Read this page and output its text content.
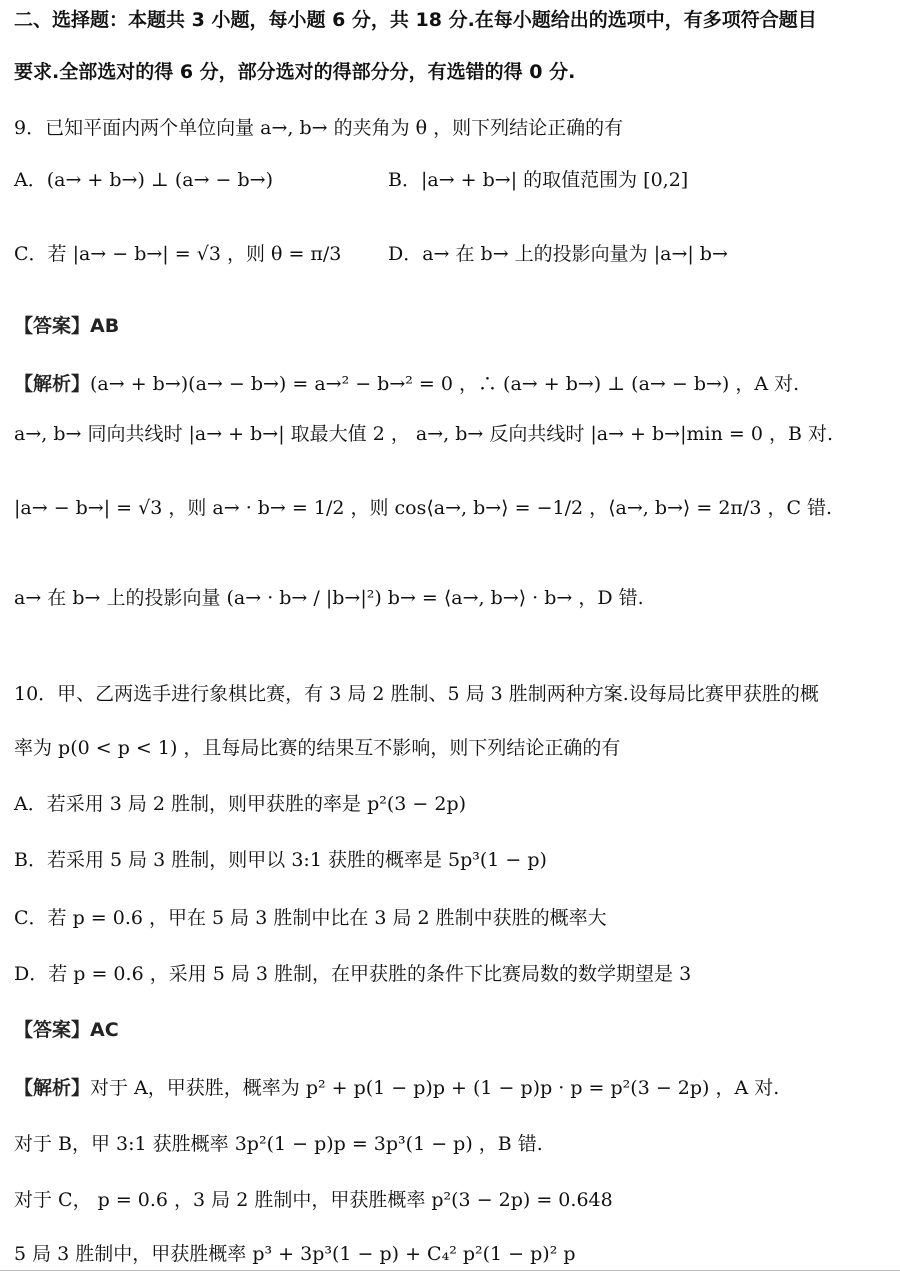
二、选择题：本题共 3 小题，每小题 6 分，共 18 分.在每小题给出的选项中，有多项符合题目
要求.全部选对的得 6 分，部分选对的得部分分，有选错的得 0 分.
9．已知平面内两个单位向量 a→, b→ 的夹角为 θ ，则下列结论正确的有
A．(a→ + b→) ⊥ (a→ − b→)	B．|a→ + b→| 的取值范围为 [0,2]
C．若 |a→ − b→| = √3 ，则 θ = π/3 D．a→ 在 b→ 上的投影向量为 |a→| b→
【答案】AB
【解析】(a→ + b→)(a→ − b→) = a→² − b→² = 0 ，∴ (a→ + b→) ⊥ (a→ − b→) ，A 对.
a→, b→ 同向共线时 |a→ + b→| 取最大值 2 ， a→, b→ 反向共线时 |a→ + b→|min = 0 ，B 对.
|a→ − b→| = √3 ，则 a→ · b→ = 1/2 ，则 cos⟨a→, b→⟩ = −1/2 ，⟨a→, b→⟩ = 2π/3 ，C 错.
a→ 在 b→ 上的投影向量 (a→ · b→ / |b→|²) b→ = ⟨a→, b→⟩ · b→ ，D 错.
10．甲、乙两选手进行象棋比赛，有 3 局 2 胜制、5 局 3 胜制两种方案.设每局比赛甲获胜的概
率为 p(0 < p < 1) ，且每局比赛的结果互不影响，则下列结论正确的有
A．若采用 3 局 2 胜制，则甲获胜的率是 p²(3 − 2p)
B．若采用 5 局 3 胜制，则甲以 3:1 获胜的概率是 5p³(1 − p)
C．若 p = 0.6 ，甲在 5 局 3 胜制中比在 3 局 2 胜制中获胜的概率大
D．若 p = 0.6 ，采用 5 局 3 胜制，在甲获胜的条件下比赛局数的数学期望是 3
【答案】AC
【解析】对于 A，甲获胜，概率为 p² + p(1 − p)p + (1 − p)p · p = p²(3 − 2p) ，A 对.
对于 B，甲 3:1 获胜概率 3p²(1 − p)p = 3p³(1 − p) ，B 错.
对于 C， p = 0.6 ，3 局 2 胜制中，甲获胜概率 p²(3 − 2p) = 0.648
5 局 3 胜制中，甲获胜概率 p³ + 3p³(1 − p) + C₄² p²(1 − p)² p
